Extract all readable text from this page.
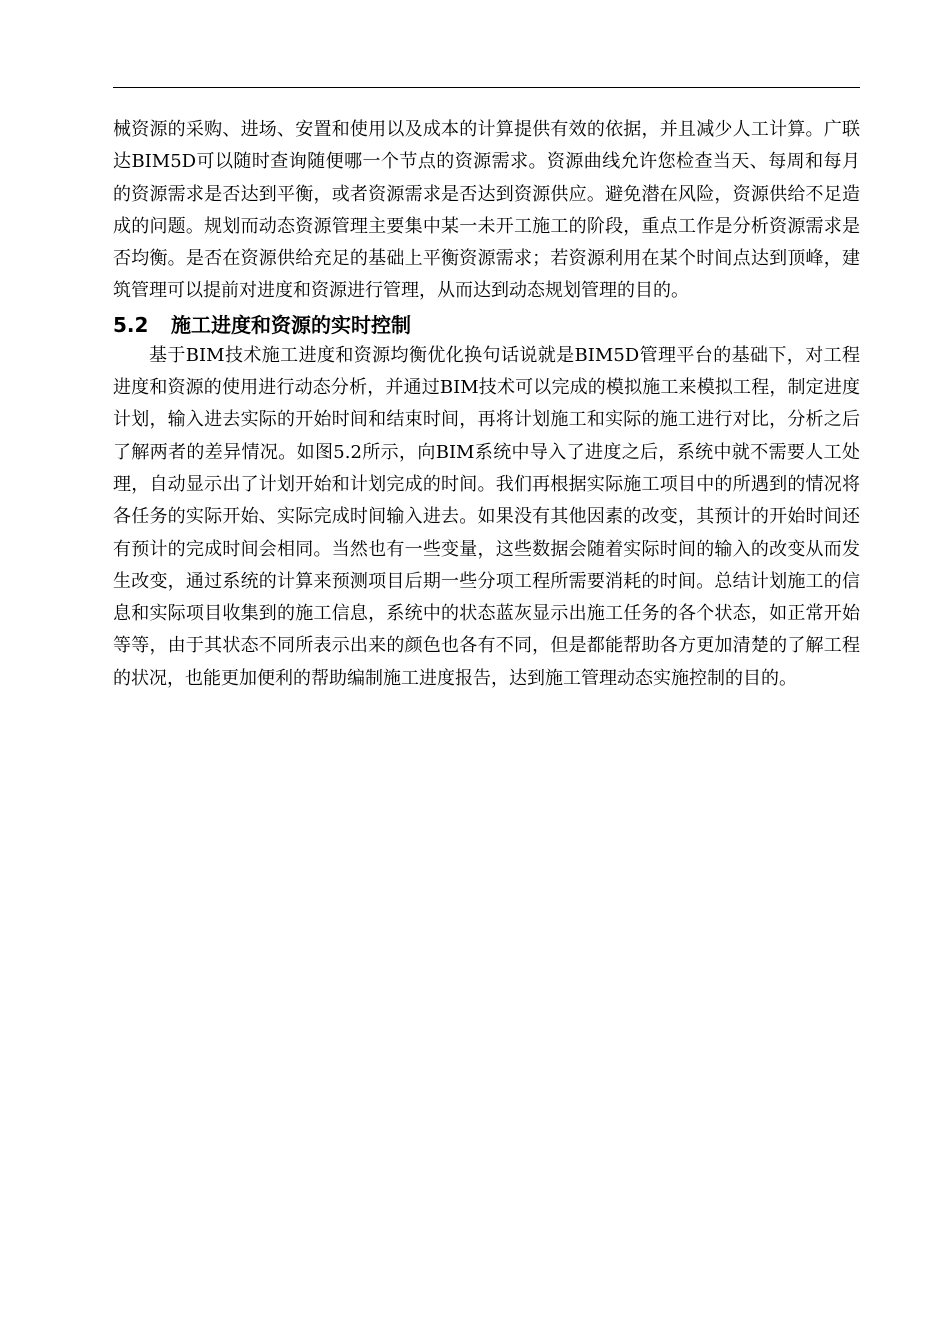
械资源的采购、进场、安置和使用以及成本的计算提供有效的依据，并且减少人工计算。广联达BIM5D可以随时查询随便哪一个节点的资源需求。资源曲线允许您检查当天、每周和每月的资源需求是否达到平衡，或者资源需求是否达到资源供应。避免潜在风险，资源供给不足造成的问题。规划而动态资源管理主要集中某一未开工施工的阶段，重点工作是分析资源需求是否均衡。是否在资源供给充足的基础上平衡资源需求；若资源利用在某个时间点达到顶峰，建筑管理可以提前对进度和资源进行管理，从而达到动态规划管理的目的。

5.2	施工进度和资源的实时控制

基于BIM技术施工进度和资源均衡优化换句话说就是BIM5D管理平台的基础下，对工程进度和资源的使用进行动态分析，并通过BIM技术可以完成的模拟施工来模拟工程，制定进度计划，输入进去实际的开始时间和结束时间，再将计划施工和实际的施工进行对比，分析之后了解两者的差异情况。如图5.2所示，向BIM系统中导入了进度之后，系统中就不需要人工处理，自动显示出了计划开始和计划完成的时间。我们再根据实际施工项目中的所遇到的情况将各任务的实际开始、实际完成时间输入进去。如果没有其他因素的改变，其预计的开始时间还有预计的完成时间会相同。当然也有一些变量，这些数据会随着实际时间的输入的改变从而发生改变，通过系统的计算来预测项目后期一些分项工程所需要消耗的时间。总结计划施工的信息和实际项目收集到的施工信息，系统中的状态蓝灰显示出施工任务的各个状态，如正常开始等等，由于其状态不同所表示出来的颜色也各有不同，但是都能帮助各方更加清楚的了解工程的状况，也能更加便利的帮助编制施工进度报告，达到施工管理动态实施控制的目的。
